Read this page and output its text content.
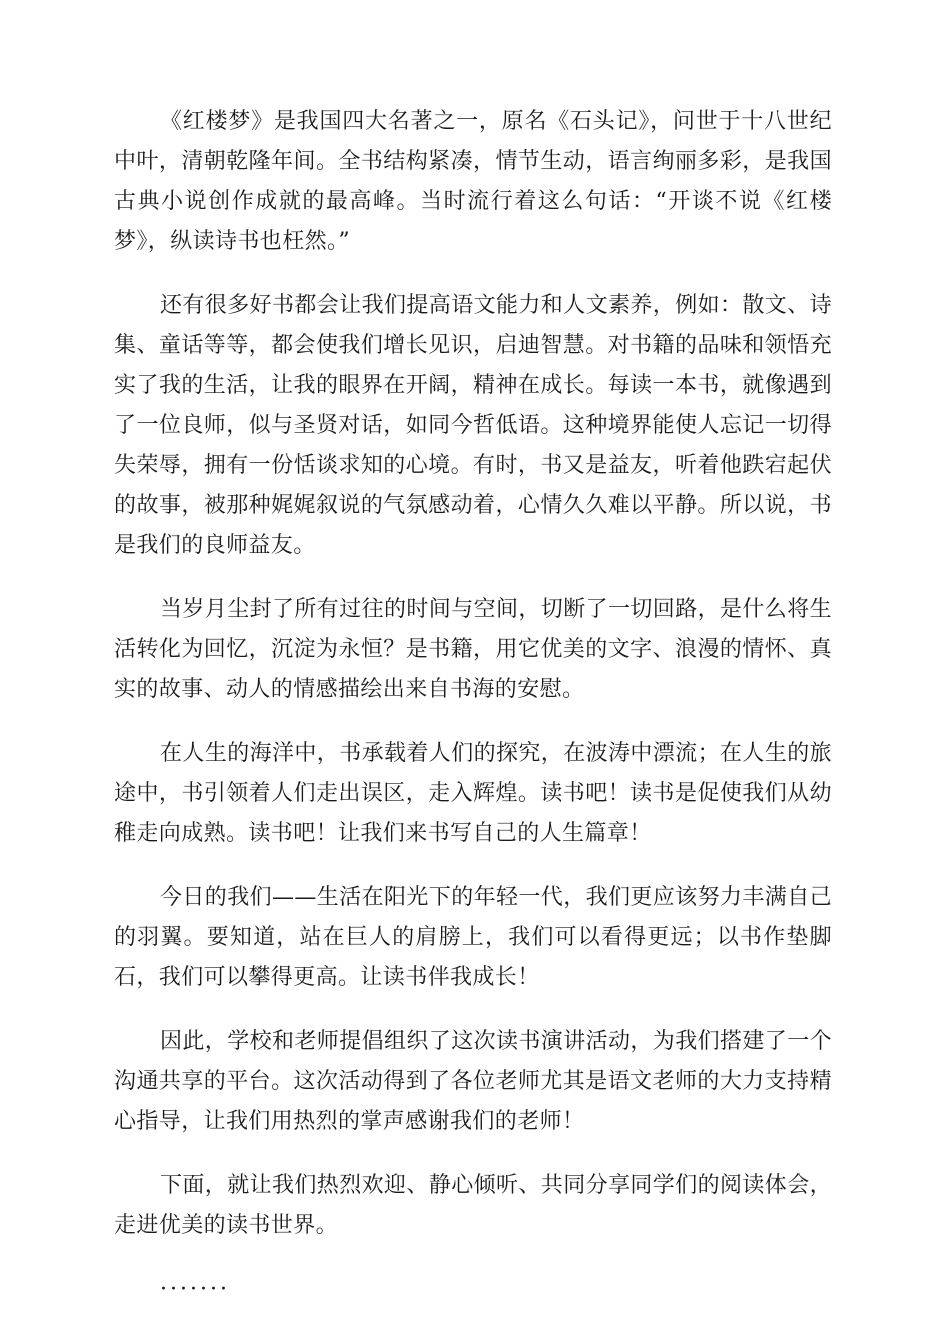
《红楼梦》是我国四大名著之一，原名《石头记》，问世于十八世纪中叶，清朝乾隆年间。全书结构紧凑，情节生动，语言绚丽多彩，是我国古典小说创作成就的最高峰。当时流行着这么句话：“开谈不说《红楼梦》，纵读诗书也枉然。”

还有很多好书都会让我们提高语文能力和人文素养，例如：散文、诗集、童话等等，都会使我们增长见识，启迪智慧。对书籍的品味和领悟充实了我的生活，让我的眼界在开阔，精神在成长。每读一本书，就像遇到了一位良师，似与圣贤对话，如同今哲低语。这种境界能使人忘记一切得失荣辱，拥有一份恬谈求知的心境。有时，书又是益友，听着他跌宕起伏的故事，被那种娓娓叙说的气氛感动着，心情久久难以平静。所以说，书是我们的良师益友。

当岁月尘封了所有过往的时间与空间，切断了一切回路，是什么将生活转化为回忆，沉淀为永恒？是书籍，用它优美的文字、浪漫的情怀、真实的故事、动人的情感描绘出来自书海的安慰。

在人生的海洋中，书承载着人们的探究，在波涛中漂流；在人生的旅途中，书引领着人们走出误区，走入辉煌。读书吧！读书是促使我们从幼稚走向成熟。读书吧！让我们来书写自己的人生篇章！

今日的我们——生活在阳光下的年轻一代，我们更应该努力丰满自己的羽翼。要知道，站在巨人的肩膀上，我们可以看得更远；以书作垫脚石，我们可以攀得更高。让读书伴我成长！

因此，学校和老师提倡组织了这次读书演讲活动，为我们搭建了一个沟通共享的平台。这次活动得到了各位老师尤其是语文老师的大力支持精心指导，让我们用热烈的掌声感谢我们的老师！

下面，就让我们热烈欢迎、静心倾听、共同分享同学们的阅读体会，走进优美的读书世界。

·······
